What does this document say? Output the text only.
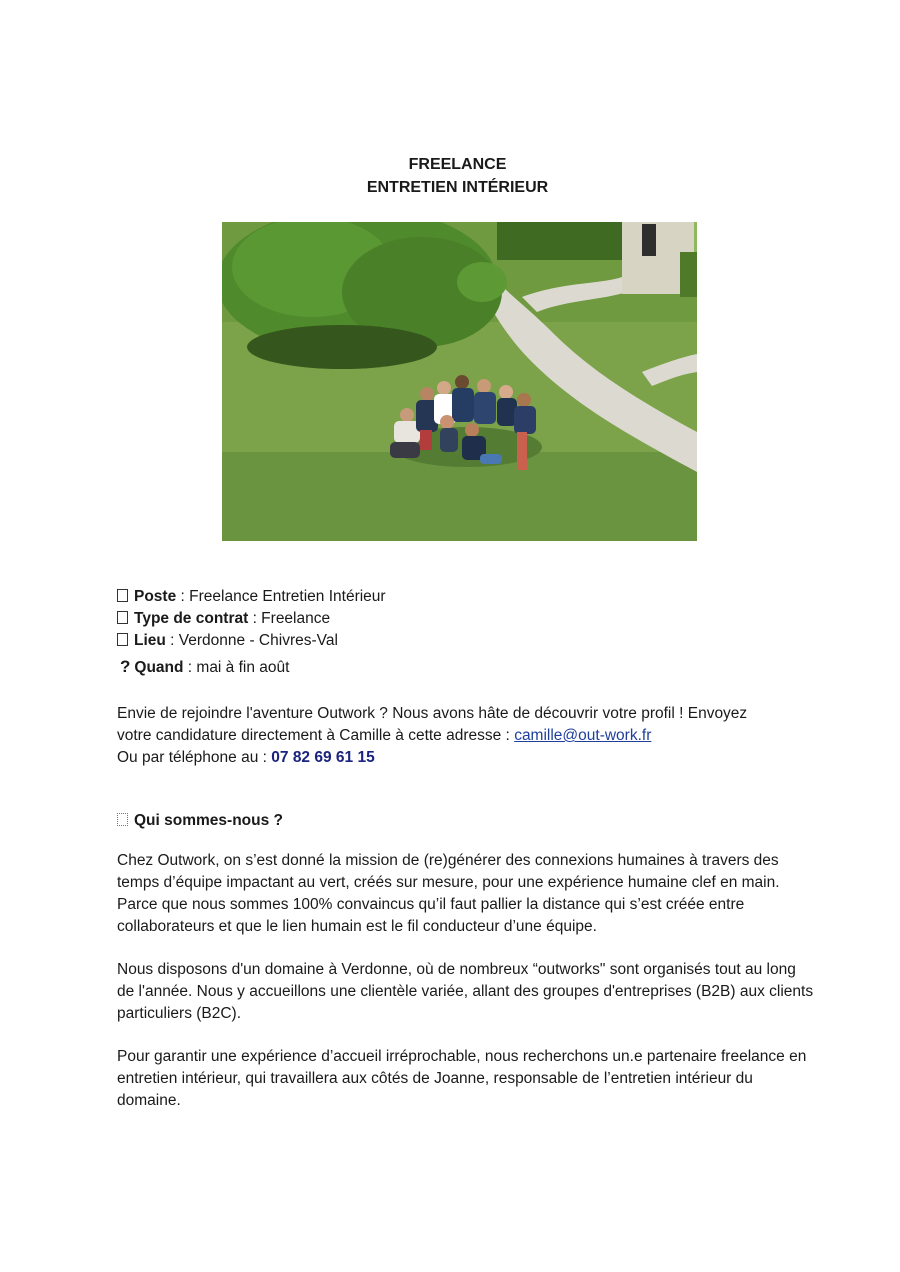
FREELANCE
ENTRETIEN INTÉRIEUR
Poste : Freelance Entretien Intérieur
Type de contrat : Freelance
Lieu : Verdonne - Chivres-Val
? Quand : mai à fin août
Envie de rejoindre l'aventure Outwork ? Nous avons hâte de découvrir votre profil ! Envoyez
votre candidature directement à Camille à cette adresse : camille@out-work.fr
Ou par téléphone au : 07 82 69 61 15
Qui sommes-nous ?
Chez Outwork, on s’est donné la mission de (re)générer des connexions humaines à travers des temps d’équipe impactant au vert, créés sur mesure, pour une expérience humaine clef en main. Parce que nous sommes 100% convaincus qu’il faut pallier la distance qui s’est créée entre collaborateurs et que le lien humain est le fil conducteur d’une équipe.
Nous disposons d'un domaine à Verdonne, où de nombreux “outworks" sont organisés tout au long de l'année. Nous y accueillons une clientèle variée, allant des groupes d'entreprises (B2B) aux clients particuliers (B2C).
Pour garantir une expérience d’accueil irréprochable, nous recherchons un.e partenaire freelance en entretien intérieur, qui travaillera aux côtés de Joanne, responsable de l’entretien intérieur du domaine.
